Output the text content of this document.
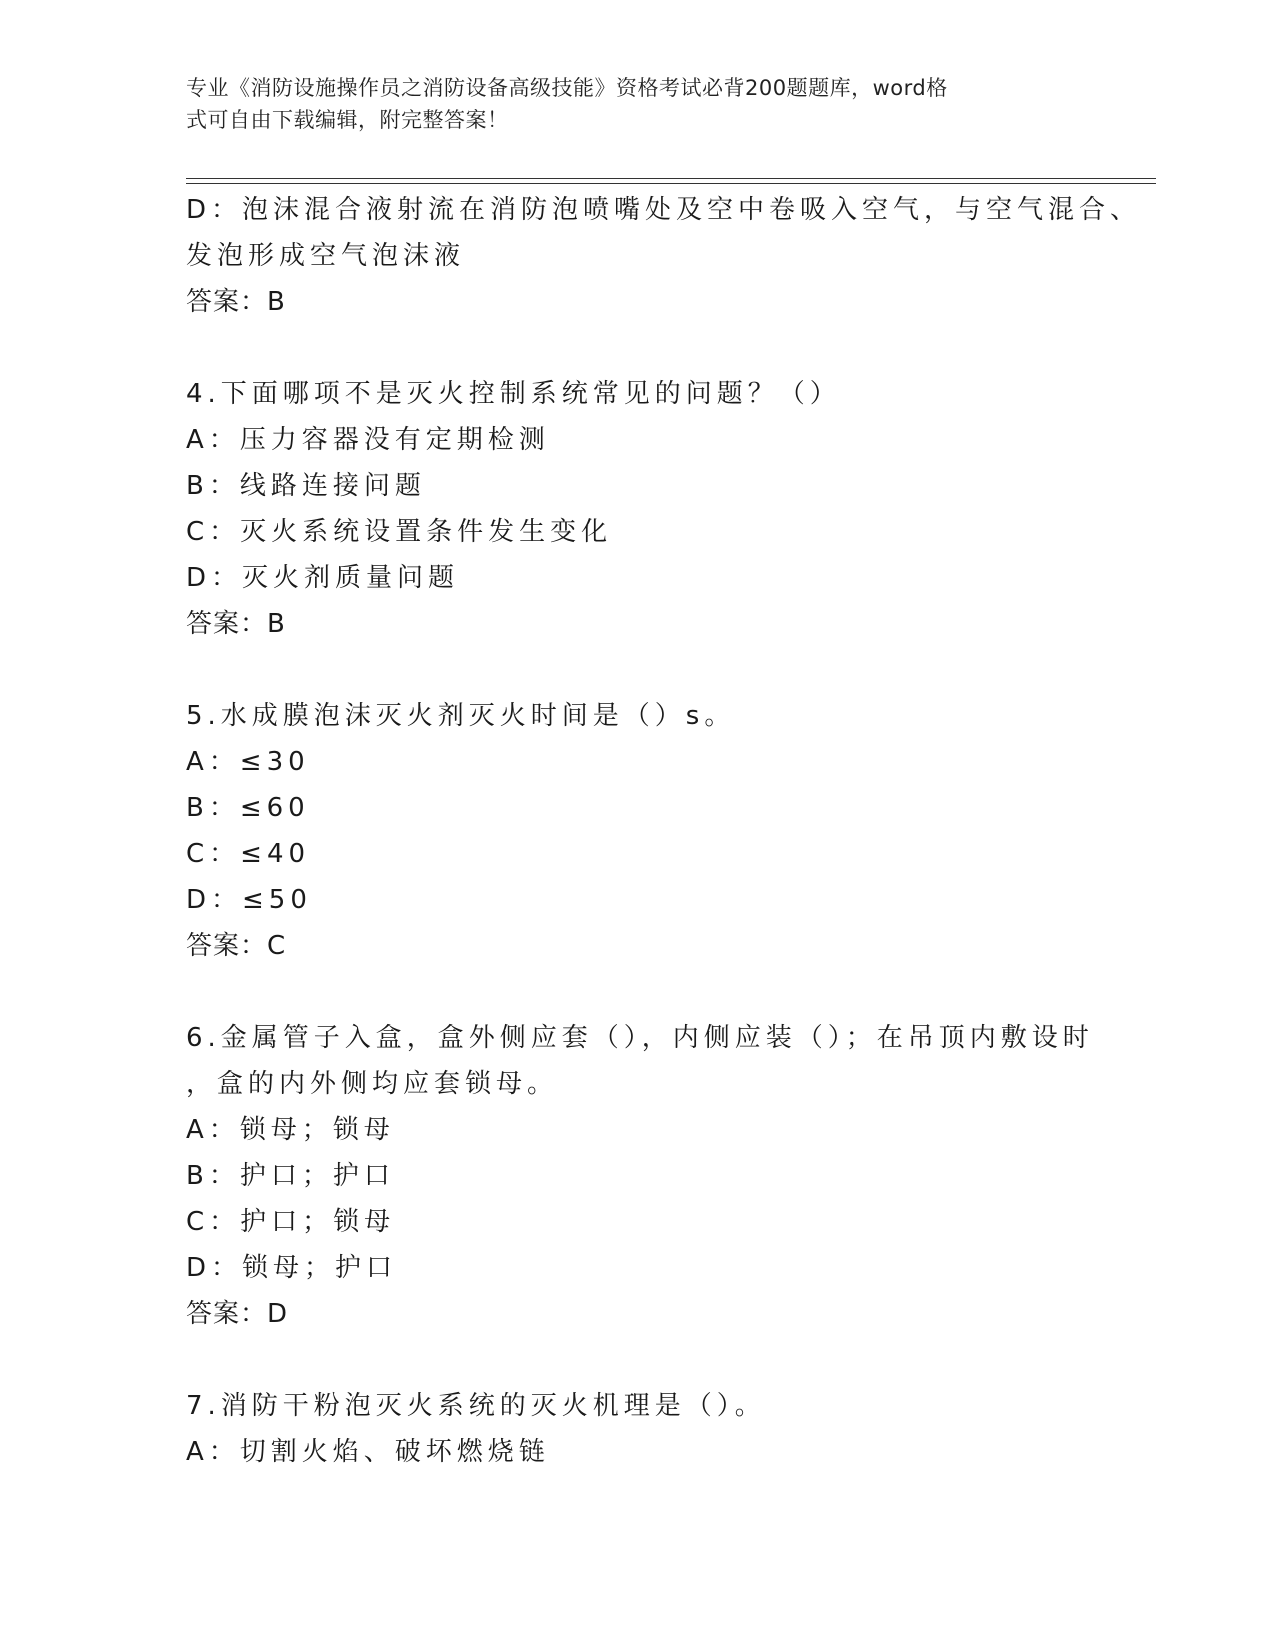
专业《消防设施操作员之消防设备高级技能》资格考试必背200题题库，word格
式可自由下载编辑，附完整答案！
D：泡沫混合液射流在消防泡喷嘴处及空中卷吸入空气，与空气混合、
发泡形成空气泡沫液
答案：B
4.下面哪项不是灭火控制系统常见的问题？（）
A：压力容器没有定期检测
B：线路连接问题
C：灭火系统设置条件发生变化
D：灭火剂质量问题
答案：B
5.水成膜泡沫灭火剂灭火时间是（）s。
A：≤30
B：≤60
C：≤40
D：≤50
答案：C
6.金属管子入盒，盒外侧应套（），内侧应装（）；在吊顶内敷设时
，盒的内外侧均应套锁母。
A：锁母；锁母
B：护口；护口
C：护口；锁母
D：锁母；护口
答案：D
7.消防干粉泡灭火系统的灭火机理是（）。
A：切割火焰、破坏燃烧链
